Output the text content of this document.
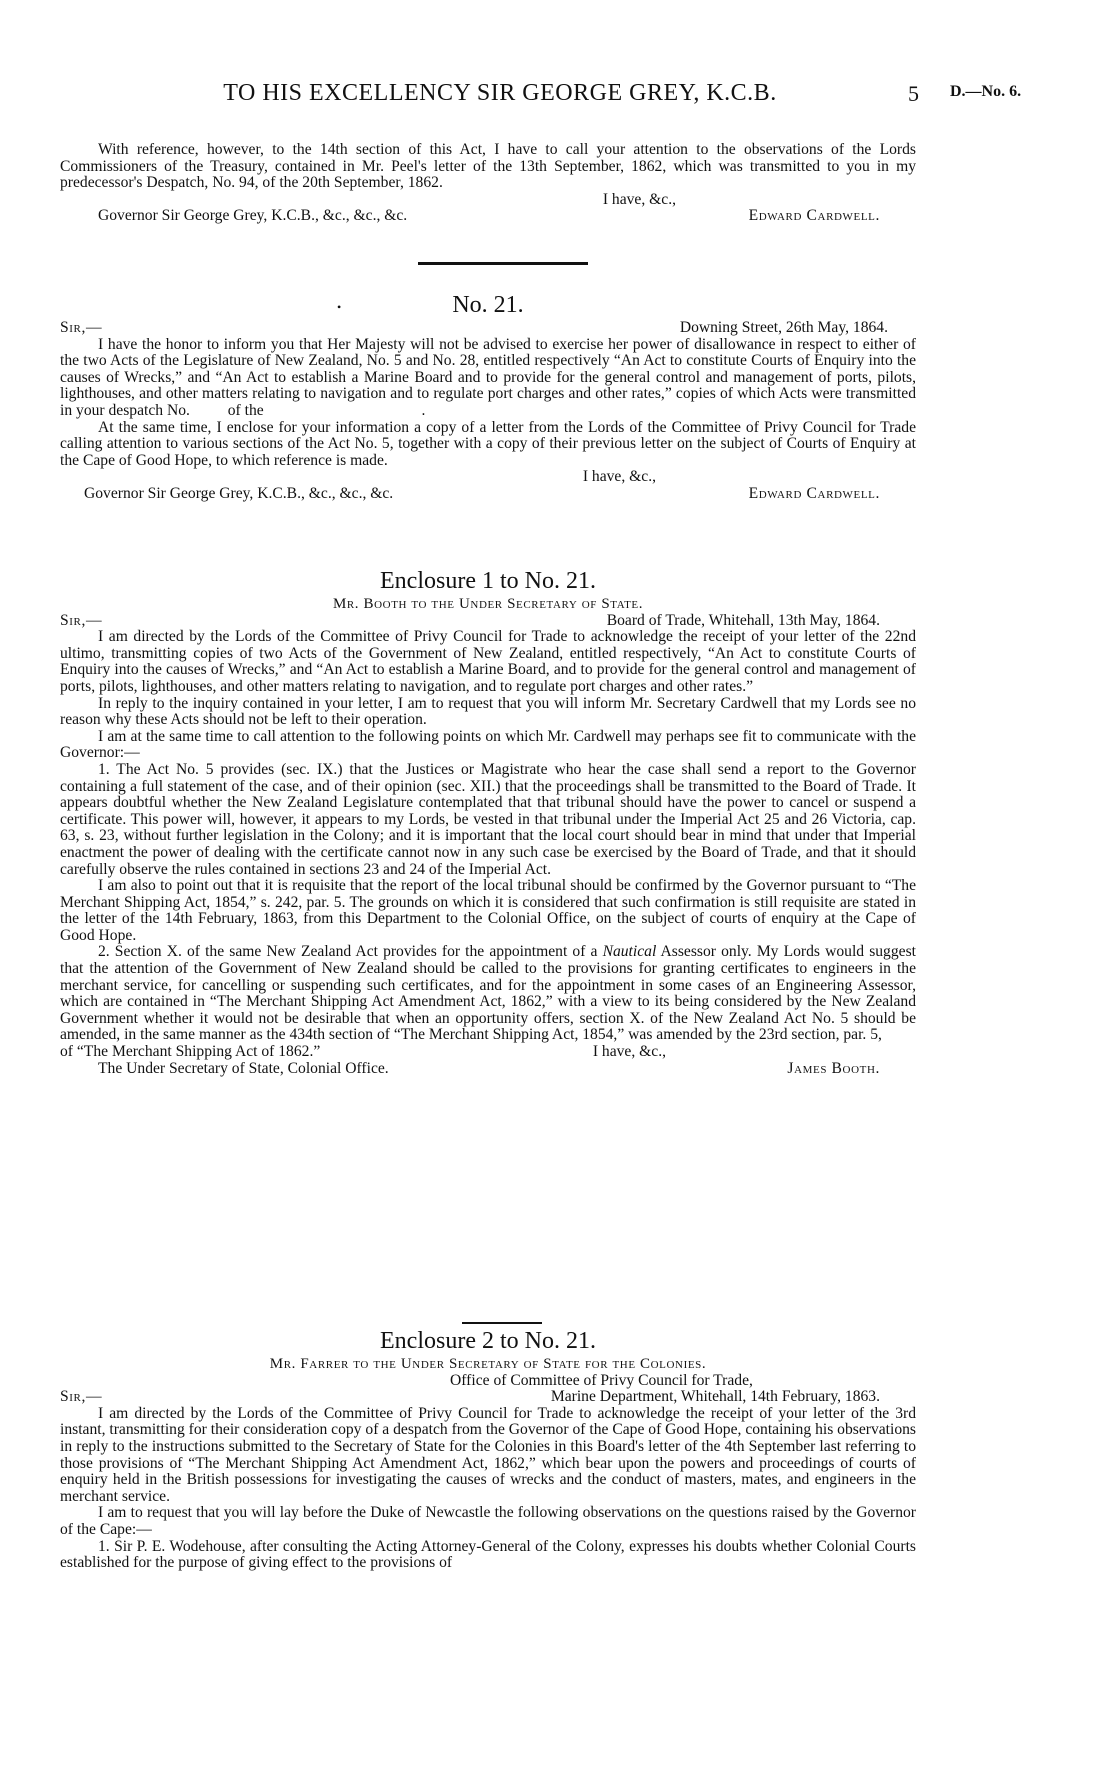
TO HIS EXCELLENCY SIR GEORGE GREY, K.C.B.	5 D.—No. 6.

With reference, however, to the 14th section of this Act, I have to call your attention to the observations of the Lords Commissioners of the Treasury, contained in Mr. Peel's letter of the 13th September, 1862, which was transmitted to you in my predecessor's Despatch, No. 94, of the 20th September, 1862.

I have, &c.,

Governor Sir George Grey, K.C.B., &c., &c., &c.	Edward Cardwell.

•	No. 21.

Sir,—	Downing Street, 26th May, 1864.

I have the honor to inform you that Her Majesty will not be advised to exercise her power of disallowance in respect to either of the two Acts of the Legislature of New Zealand, No. 5 and No. 28, entitled respectively “An Act to constitute Courts of Enquiry into the causes of Wrecks,” and “An Act to establish a Marine Board and to provide for the general control and management of ports, pilots, lighthouses, and other matters relating to navigation and to regulate port charges and other rates,” copies of which Acts were transmitted in your despatch No. of the	.

At the same time, I enclose for your information a copy of a letter from the Lords of the Committee of Privy Council for Trade calling attention to various sections of the Act No. 5, together with a copy of their previous letter on the subject of Courts of Enquiry at the Cape of Good Hope, to which reference is made.

I have, &c.,

Governor Sir George Grey, K.C.B., &c., &c., &c.	Edward Cardwell.

Enclosure 1 to No. 21.

Mr. Booth to the Under Secretary of State.

Sir,—	Board of Trade, Whitehall, 13th May, 1864.

I am directed by the Lords of the Committee of Privy Council for Trade to acknowledge the receipt of your letter of the 22nd ultimo, transmitting copies of two Acts of the Government of New Zealand, entitled respectively, “An Act to constitute Courts of Enquiry into the causes of Wrecks,” and “An Act to establish a Marine Board, and to provide for the general control and management of ports, pilots, lighthouses, and other matters relating to navigation, and to regulate port charges and other rates.”

In reply to the inquiry contained in your letter, I am to request that you will inform Mr. Secretary Cardwell that my Lords see no reason why these Acts should not be left to their operation.

I am at the same time to call attention to the following points on which Mr. Cardwell may perhaps see fit to communicate with the Governor:—

1. The Act No. 5 provides (sec. IX.) that the Justices or Magistrate who hear the case shall send a report to the Governor containing a full statement of the case, and of their opinion (sec. XII.) that the proceedings shall be transmitted to the Board of Trade. It appears doubtful whether the New Zealand Legislature contemplated that that tribunal should have the power to cancel or suspend a certificate. This power will, however, it appears to my Lords, be vested in that tribunal under the Imperial Act 25 and 26 Victoria, cap. 63, s. 23, without further legislation in the Colony; and it is important that the local court should bear in mind that under that Imperial enactment the power of dealing with the certificate cannot now in any such case be exercised by the Board of Trade, and that it should carefully observe the rules contained in sections 23 and 24 of the Imperial Act.

I am also to point out that it is requisite that the report of the local tribunal should be confirmed by the Governor pursuant to “The Merchant Shipping Act, 1854,” s. 242, par. 5. The grounds on which it is considered that such confirmation is still requisite are stated in the letter of the 14th February, 1863, from this Department to the Colonial Office, on the subject of courts of enquiry at the Cape of Good Hope.

2. Section X. of the same New Zealand Act provides for the appointment of a Nautical Assessor only. My Lords would suggest that the attention of the Government of New Zealand should be called to the provisions for granting certificates to engineers in the merchant service, for cancelling or suspending such certificates, and for the appointment in some cases of an Engineering Assessor, which are contained in “The Merchant Shipping Act Amendment Act, 1862,” with a view to its being considered by the New Zealand Government whether it would not be desirable that when an opportunity offers, section X. of the New Zealand Act No. 5 should be amended, in the same manner as the 434th section of “The Merchant Shipping Act, 1854,” was amended by the 23rd section, par. 5,

of “The Merchant Shipping Act of 1862.”	I have, &c.,

The Under Secretary of State, Colonial Office.	James Booth.

Enclosure 2 to No. 21.

Mr. Farrer to the Under Secretary of State for the Colonies.

Office of Committee of Privy Council for Trade,

Sir,—	Marine Department, Whitehall, 14th February, 1863.

I am directed by the Lords of the Committee of Privy Council for Trade to acknowledge the receipt of your letter of the 3rd instant, transmitting for their consideration copy of a despatch from the Governor of the Cape of Good Hope, containing his observations in reply to the instructions submitted to the Secretary of State for the Colonies in this Board's letter of the 4th September last referring to those provisions of “The Merchant Shipping Act Amendment Act, 1862,” which bear upon the powers and proceedings of courts of enquiry held in the British possessions for investigating the causes of wrecks and the conduct of masters, mates, and engineers in the merchant service.

I am to request that you will lay before the Duke of Newcastle the following observations on the questions raised by the Governor of the Cape:—

1. Sir P. E. Wodehouse, after consulting the Acting Attorney-General of the Colony, expresses his doubts whether Colonial Courts established for the purpose of giving effect to the provisions of
